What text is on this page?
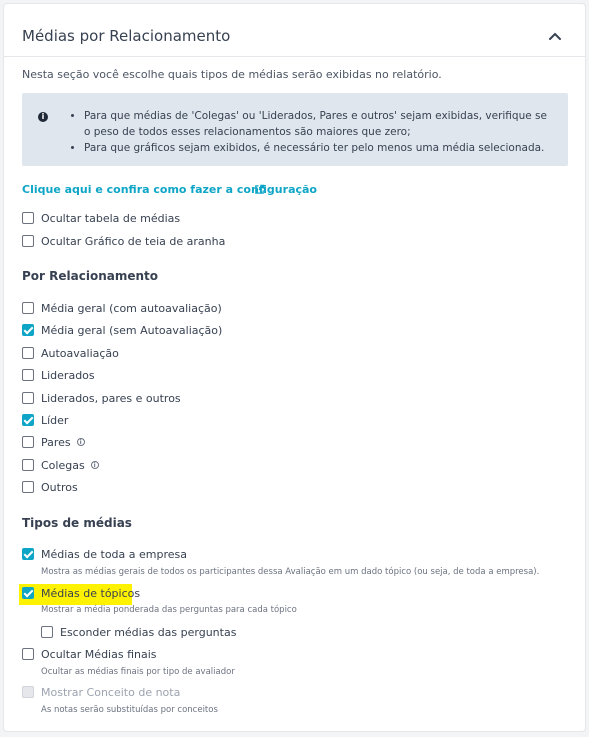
Médias por Relacionamento
Nesta seção você escolhe quais tipos de médias serão exibidas no relatório.
i
•	Para que médias de 'Colegas' ou 'Liderados, Pares e outros' sejam exibidas, verifique se o peso de todos esses relacionamentos são maiores que zero;
• Para que gráficos sejam exibidos, é necessário ter pelo menos uma média selecionada.
Clique aqui e confira como fazer a configuração
Ocultar tabela de médias
Ocultar Gráfico de teia de aranha
Por Relacionamento
Média geral (com autoavaliação)
Média geral (sem Autoavaliação)
Autoavaliação
Liderados
Liderados, pares e outros
Líder
Pares	i
Colegas	i
Outros
Tipos de médias
Médias de toda a empresa
Mostra as médias gerais de todos os participantes dessa Avaliação em um dado tópico (ou seja, de toda a empresa).
Médias de tópicos
Mostrar a média ponderada das perguntas para cada tópico
Esconder médias das perguntas
Ocultar Médias finais
Ocultar as médias finais por tipo de avaliador
Mostrar Conceito de nota
As notas serão substituídas por conceitos
